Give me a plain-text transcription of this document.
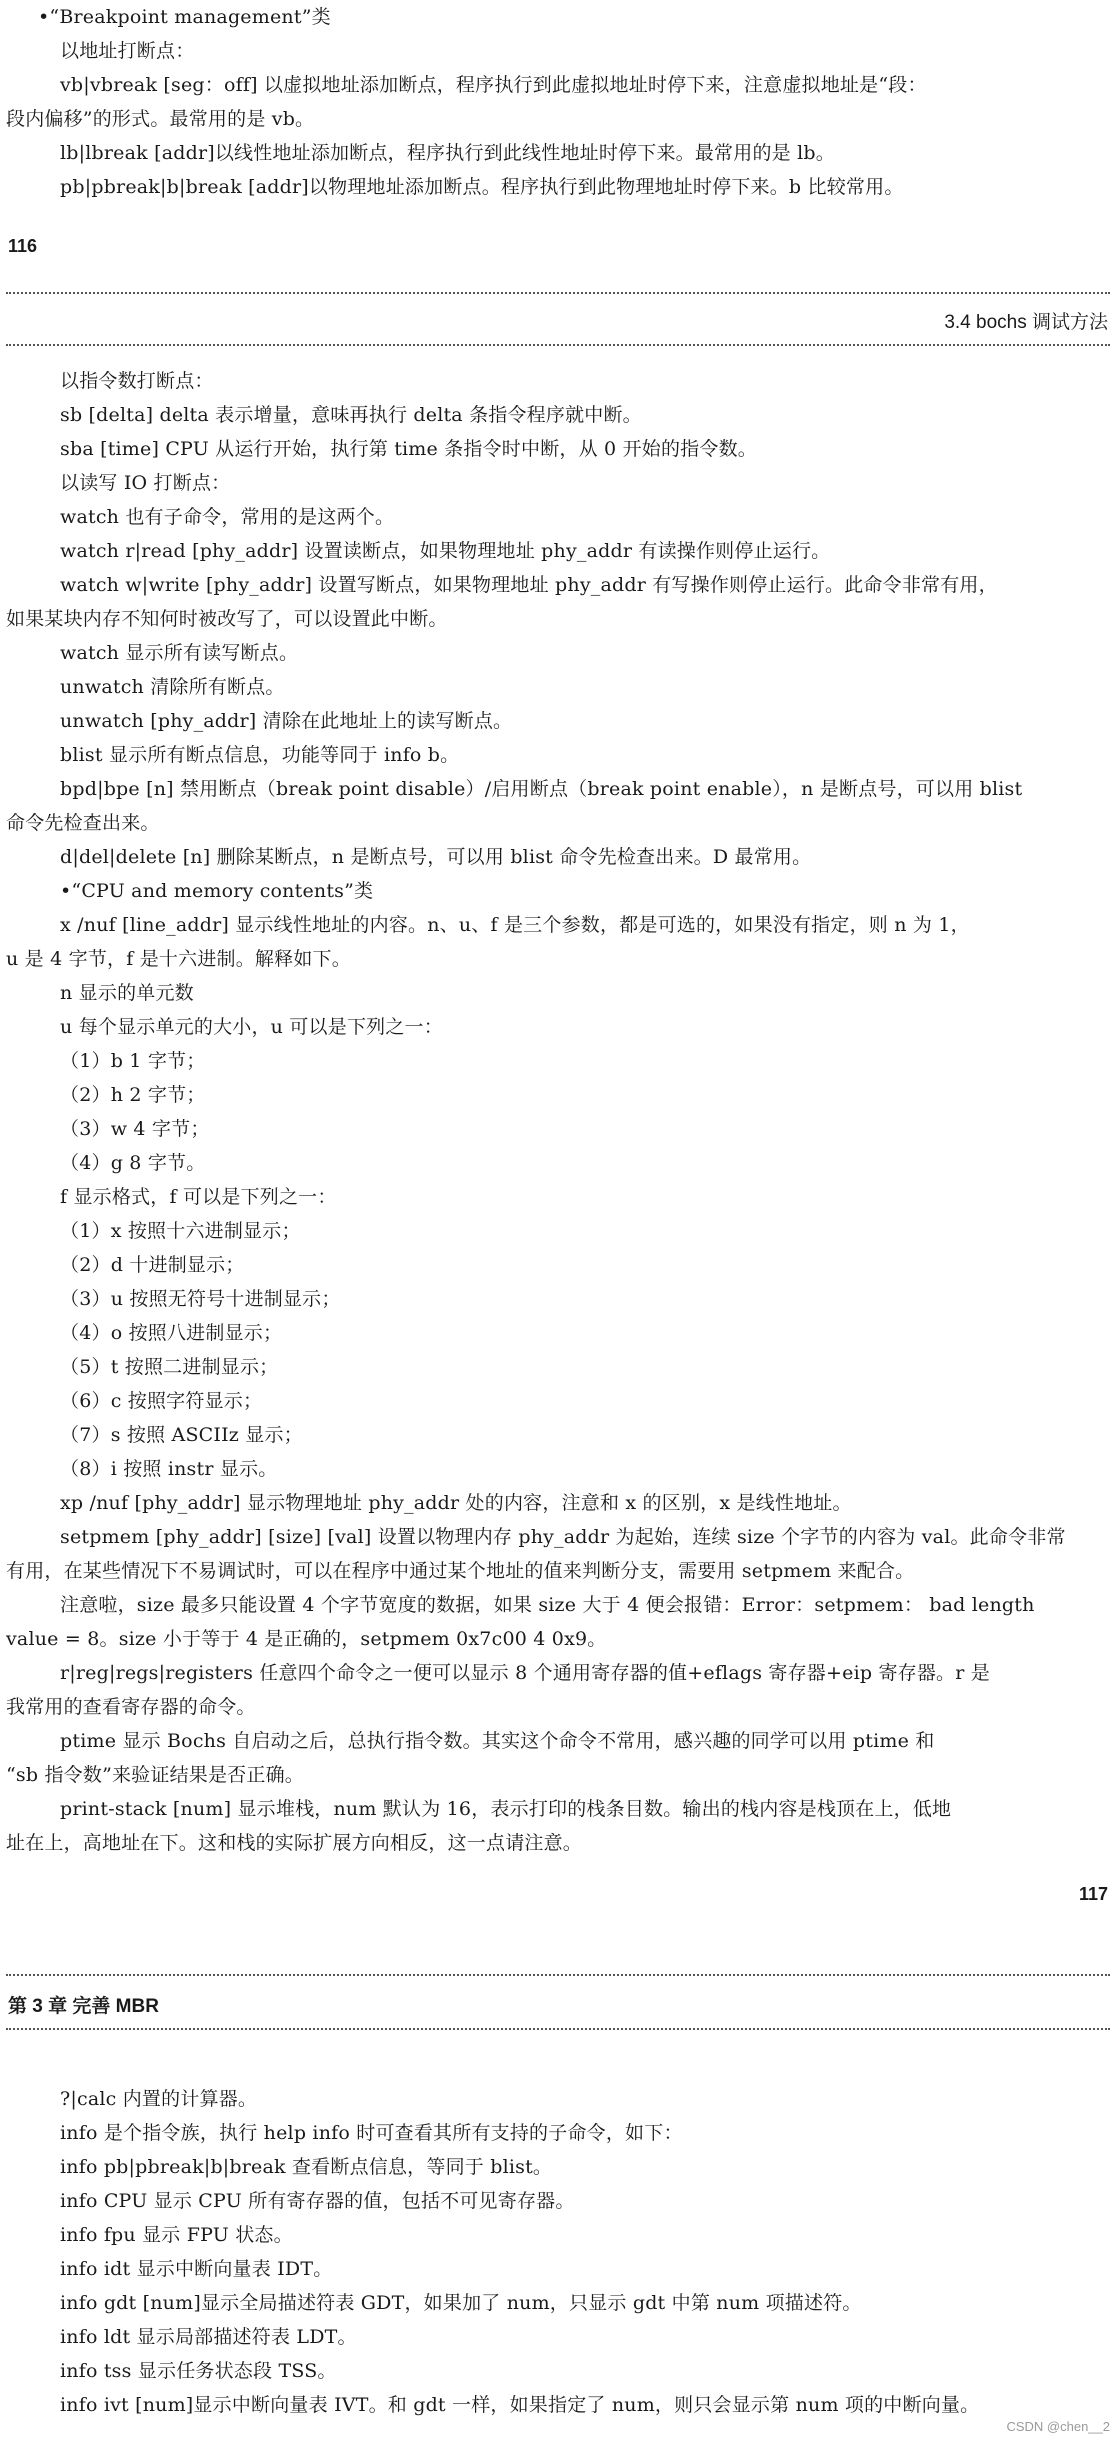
•“Breakpoint management”类
以地址打断点：
vb|vbreak [seg：off] 以虚拟地址添加断点，程序执行到此虚拟地址时停下来，注意虚拟地址是“段：
段内偏移”的形式。最常用的是 vb。
lb|lbreak [addr]以线性地址添加断点，程序执行到此线性地址时停下来。最常用的是 lb。
pb|pbreak|b|break [addr]以物理地址添加断点。程序执行到此物理地址时停下来。b 比较常用。
116
3.4 bochs 调试方法
以指令数打断点：
sb [delta] delta 表示增量，意味再执行 delta 条指令程序就中断。
sba [time] CPU 从运行开始，执行第 time 条指令时中断，从 0 开始的指令数。
以读写 IO 打断点：
watch 也有子命令，常用的是这两个。
watch r|read [phy_addr] 设置读断点，如果物理地址 phy_addr 有读操作则停止运行。
watch w|write [phy_addr] 设置写断点，如果物理地址 phy_addr 有写操作则停止运行。此命令非常有用，
如果某块内存不知何时被改写了，可以设置此中断。
watch 显示所有读写断点。
unwatch 清除所有断点。
unwatch [phy_addr] 清除在此地址上的读写断点。
blist 显示所有断点信息，功能等同于 info b。
bpd|bpe [n] 禁用断点（break point disable）/启用断点（break point enable），n 是断点号，可以用 blist
命令先检查出来。
d|del|delete [n] 删除某断点，n 是断点号，可以用 blist 命令先检查出来。D 最常用。
•“CPU and memory contents”类
x /nuf [line_addr] 显示线性地址的内容。n、u、f 是三个参数，都是可选的，如果没有指定，则 n 为 1，
u 是 4 字节，f 是十六进制。解释如下。
n 显示的单元数
u 每个显示单元的大小，u 可以是下列之一：
（1）b 1 字节；
（2）h 2 字节；
（3）w 4 字节；
（4）g 8 字节。
f 显示格式，f 可以是下列之一：
（1）x 按照十六进制显示；
（2）d 十进制显示；
（3）u 按照无符号十进制显示；
（4）o 按照八进制显示；
（5）t 按照二进制显示；
（6）c 按照字符显示；
（7）s 按照 ASCIIz 显示；
（8）i 按照 instr 显示。
xp /nuf [phy_addr] 显示物理地址 phy_addr 处的内容，注意和 x 的区别，x 是线性地址。
setpmem [phy_addr] [size] [val] 设置以物理内存 phy_addr 为起始，连续 size 个字节的内容为 val。此命令非常
有用，在某些情况下不易调试时，可以在程序中通过某个地址的值来判断分支，需要用 setpmem 来配合。
注意啦，size 最多只能设置 4 个字节宽度的数据，如果 size 大于 4 便会报错：Error：setpmem： bad length
value = 8。size 小于等于 4 是正确的，setpmem 0x7c00 4 0x9。
r|reg|regs|registers 任意四个命令之一便可以显示 8 个通用寄存器的值+eflags 寄存器+eip 寄存器。r 是
我常用的查看寄存器的命令。
ptime 显示 Bochs 自启动之后，总执行指令数。其实这个命令不常用，感兴趣的同学可以用 ptime 和
“sb 指令数”来验证结果是否正确。
print-stack [num] 显示堆栈，num 默认为 16，表示打印的栈条目数。输出的栈内容是栈顶在上，低地
址在上，高地址在下。这和栈的实际扩展方向相反，这一点请注意。
117
第 3 章 完善 MBR
?|calc 内置的计算器。
info 是个指令族，执行 help info 时可查看其所有支持的子命令，如下：
info pb|pbreak|b|break 查看断点信息，等同于 blist。
info CPU 显示 CPU 所有寄存器的值，包括不可见寄存器。
info fpu 显示 FPU 状态。
info idt 显示中断向量表 IDT。
info gdt [num]显示全局描述符表 GDT，如果加了 num，只显示 gdt 中第 num 项描述符。
info ldt 显示局部描述符表 LDT。
info tss 显示任务状态段 TSS。
info ivt [num]显示中断向量表 IVT。和 gdt 一样，如果指定了 num，则只会显示第 num 项的中断向量。
CSDN @chen__2
